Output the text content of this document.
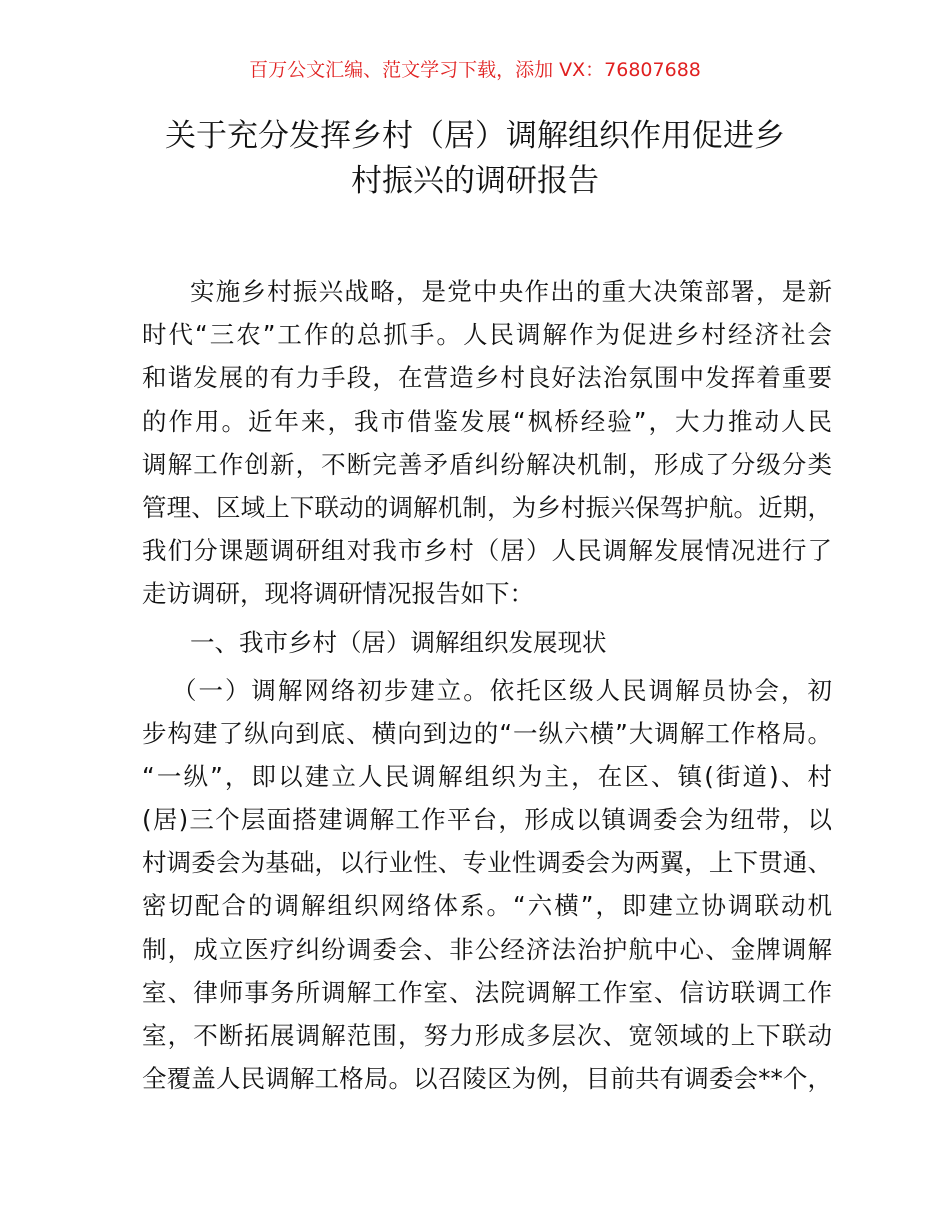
百万公文汇编、范文学习下载，添加 VX：76807688
关于充分发挥乡村（居）调解组织作用促进乡
村振兴的调研报告
实施乡村振兴战略，是党中央作出的重大决策部署，是新
时代“三农”工作的总抓手。人民调解作为促进乡村经济社会
和谐发展的有力手段，在营造乡村良好法治氛围中发挥着重要
的作用。近年来，我市借鉴发展“枫桥经验”，大力推动人民
调解工作创新，不断完善矛盾纠纷解决机制，形成了分级分类
管理、区域上下联动的调解机制，为乡村振兴保驾护航。近期，
我们分课题调研组对我市乡村（居）人民调解发展情况进行了
走访调研，现将调研情况报告如下：
一、我市乡村（居）调解组织发展现状
（一）调解网络初步建立。依托区级人民调解员协会，初
步构建了纵向到底、横向到边的“一纵六横”大调解工作格局。
“一纵”，即以建立人民调解组织为主，在区、镇(街道)、村
(居)三个层面搭建调解工作平台，形成以镇调委会为纽带，以
村调委会为基础，以行业性、专业性调委会为两翼，上下贯通、
密切配合的调解组织网络体系。“六横”，即建立协调联动机
制，成立医疗纠纷调委会、非公经济法治护航中心、金牌调解
室、律师事务所调解工作室、法院调解工作室、信访联调工作
室，不断拓展调解范围，努力形成多层次、宽领域的上下联动
全覆盖人民调解工格局。以召陵区为例，目前共有调委会**个，
